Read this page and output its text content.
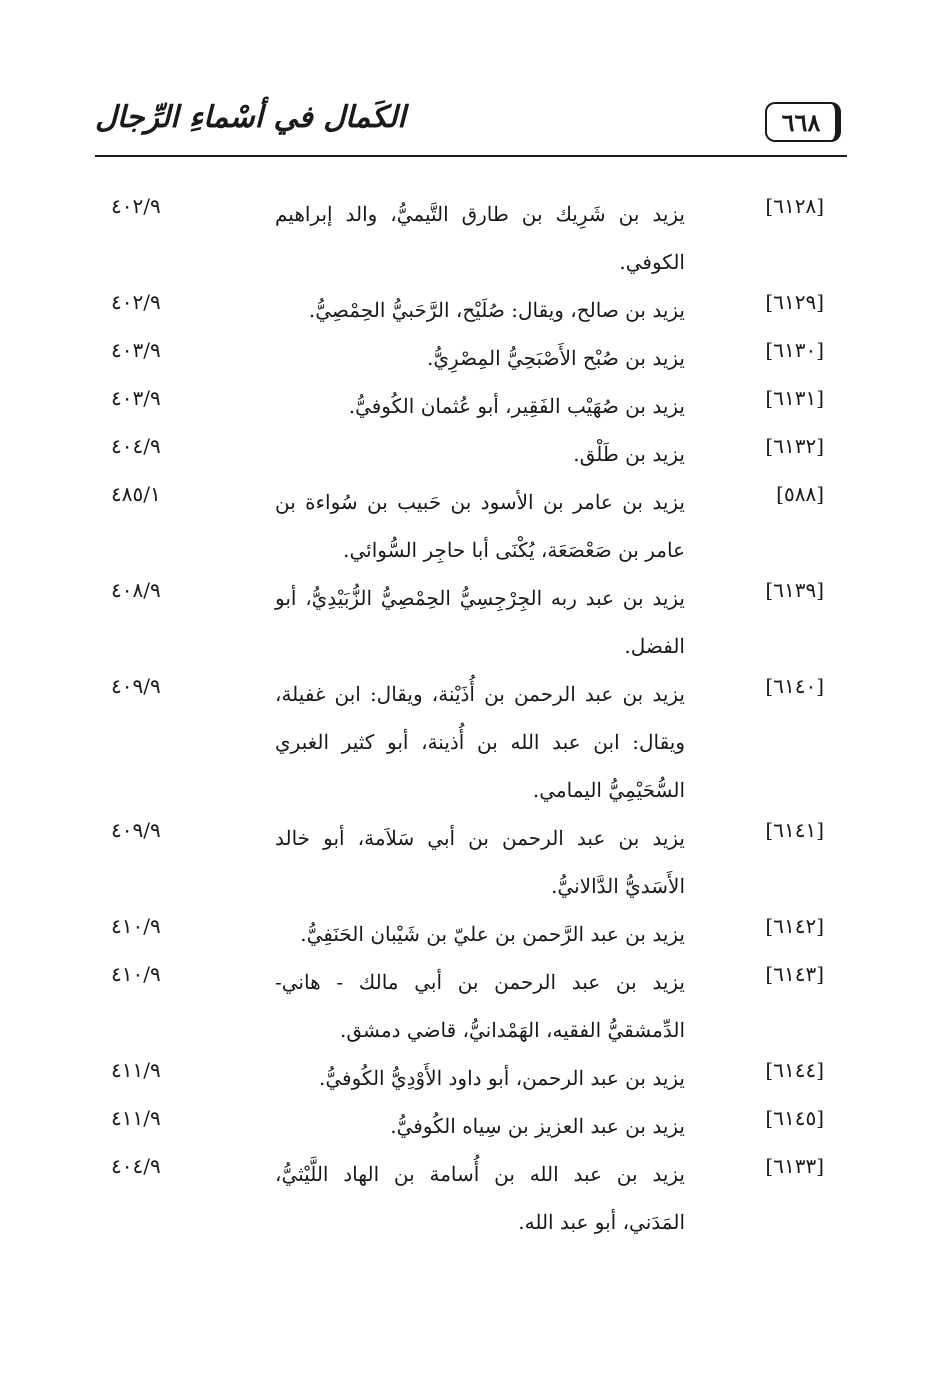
الكَمال في أسْماءِ الرِّجال	٦٦٨
[٦١٢٨]
يزيد بن شَرِيك بن طارق التَّيميُّ، والد إبراهيم الكوفي.
٤٠٢/٩
[٦١٢٩]
يزيد بن صالح، ويقال: صُلَيْح، الرَّحَبيُّ الحِمْصِيُّ.
٤٠٢/٩
[٦١٣٠]
يزيد بن صُبْح الأَصْبَحِيُّ المِصْرِيُّ.
٤٠٣/٩
[٦١٣١]
يزيد بن صُهَيْب الفَقِير، أبو عُثمان الكُوفيُّ.
٤٠٣/٩
[٦١٣٢]
يزيد بن طَلْق.
٤٠٤/٩
[٥٨٨]
يزيد بن عامر بن الأسود بن حَبيب بن سُواءة بن عامر بن صَعْصَعَة، يُكْنَى أبا حاجِر السُّوائي.
٤٨٥/١
[٦١٣٩]
يزيد بن عبد ربه الجِرْجِسِيُّ الحِمْصِيُّ الزُّبَيْدِيُّ، أبو الفضل.
٤٠٨/٩
[٦١٤٠]
يزيد بن عبد الرحمن بن أُذَيْنة، ويقال: ابن غفيلة، ويقال: ابن عبد الله بن أُذينة، أبو كثير الغبري السُّحَيْمِيُّ اليمامي.
٤٠٩/٩
[٦١٤١]
يزيد بن عبد الرحمن بن أبي سَلاَمة، أبو خالد الأَسَديُّ الدَّالانيُّ.
٤٠٩/٩
[٦١٤٢]
يزيد بن عبد الرَّحمن بن عليّ بن شَيْبان الحَنَفِيُّ.
٤١٠/٩
[٦١٤٣]
يزيد بن عبد الرحمن بن أبي مالك - هاني- الدِّمشقيُّ الفقيه، الهَمْدانيُّ، قاضي دمشق.
٤١٠/٩
[٦١٤٤]
يزيد بن عبد الرحمن، أبو داود الأَوْدِيُّ الكُوفيُّ.
٤١١/٩
[٦١٤٥]
يزيد بن عبد العزيز بن سِياه الكُوفيُّ.
٤١١/٩
[٦١٣٣]
يزيد بن عبد الله بن أُسامة بن الهاد اللَّيْثيُّ، المَدَني، أبو عبد الله.
٤٠٤/٩
